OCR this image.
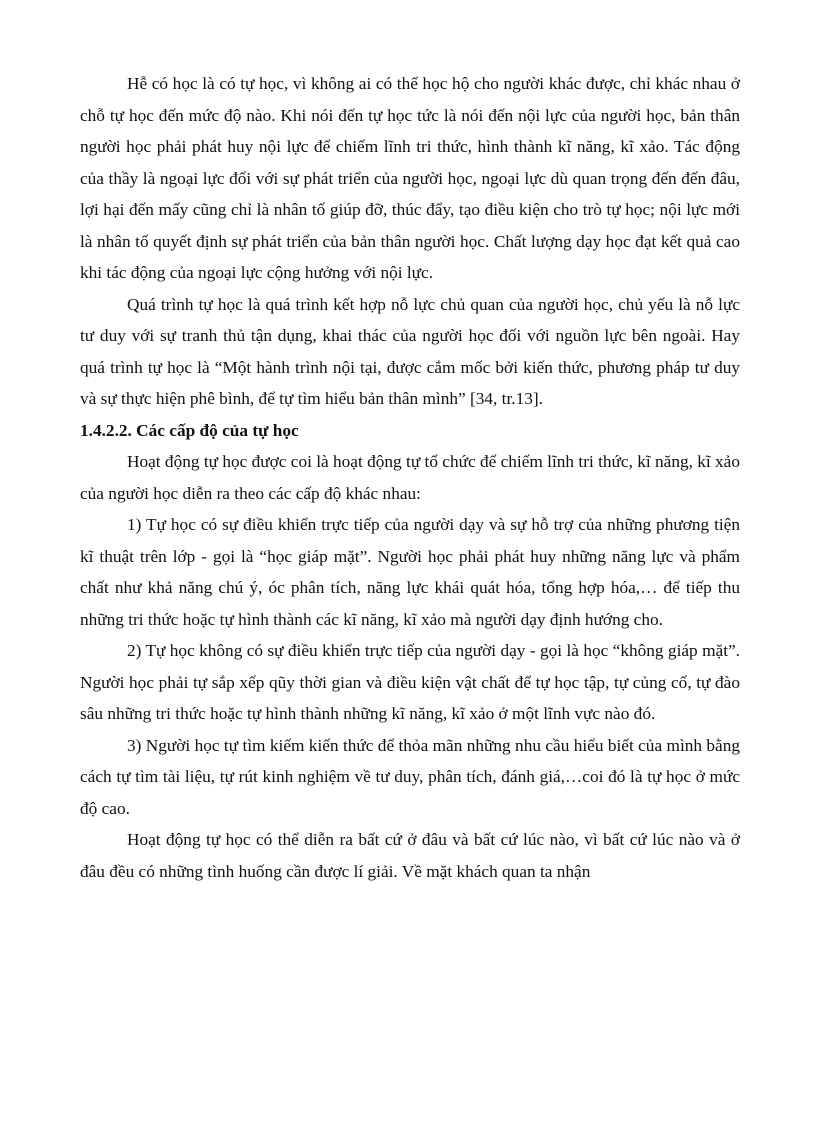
Hễ có học là có tự học, vì không ai có thể học hộ cho người khác được, chỉ khác nhau ở chỗ tự học đến mức độ nào. Khi nói đến tự học tức là nói đến nội lực của người học, bản thân người học phải phát huy nội lực để chiếm lĩnh tri thức, hình thành kĩ năng, kĩ xảo. Tác động của thầy là ngoại lực đối với sự phát triển của người học, ngoại lực dù quan trọng đến đến đâu, lợi hại đến mấy cũng chỉ là nhân tố giúp đỡ, thúc đẩy, tạo điều kiện cho trò tự học; nội lực mới là nhân tố quyết định sự phát triển của bản thân người học. Chất lượng dạy học đạt kết quả cao khi tác động của ngoại lực cộng hưởng với nội lực.

Quá trình tự học là quá trình kết hợp nỗ lực chủ quan của người học, chủ yếu là nỗ lực tư duy với sự tranh thủ tận dụng, khai thác của người học đối với nguồn lực bên ngoài. Hay quá trình tự học là “Một hành trình nội tại, được cắm mốc bởi kiến thức, phương pháp tư duy và sự thực hiện phê bình, để tự tìm hiểu bản thân mình” [34, tr.13].

1.4.2.2. Các cấp độ của tự học

Hoạt động tự học được coi là hoạt động tự tổ chức để chiếm lĩnh tri thức, kĩ năng, kĩ xảo của người học diễn ra theo các cấp độ khác nhau:

1) Tự học có sự điều khiển trực tiếp của người dạy và sự hỗ trợ của những phương tiện kĩ thuật trên lớp - gọi là “học giáp mặt”. Người học phải phát huy những năng lực và phẩm chất như khả năng chú ý, óc phân tích, năng lực khái quát hóa, tổng hợp hóa,… để tiếp thu những tri thức hoặc tự hình thành các kĩ năng, kĩ xảo mà người dạy định hướng cho.

2) Tự học không có sự điều khiển trực tiếp của người dạy - gọi là học “không giáp mặt”. Người học phải tự sắp xếp qũy thời gian và điều kiện vật chất để tự học tập, tự củng cố, tự đào sâu những tri thức hoặc tự hình thành những kĩ năng, kĩ xảo ở một lĩnh vực nào đó.

3) Người học tự tìm kiếm kiến thức để thỏa mãn những nhu cầu hiểu biết của mình bằng cách tự tìm tài liệu, tự rút kinh nghiệm về tư duy, phân tích, đánh giá,…coi đó là tự học ở mức độ cao.

Hoạt động tự học có thể diễn ra bất cứ ở đâu và bất cứ lúc nào, vì bất cứ lúc nào và ở đâu đều có những tình huống cần được lí giải. Về mặt khách quan ta nhận
